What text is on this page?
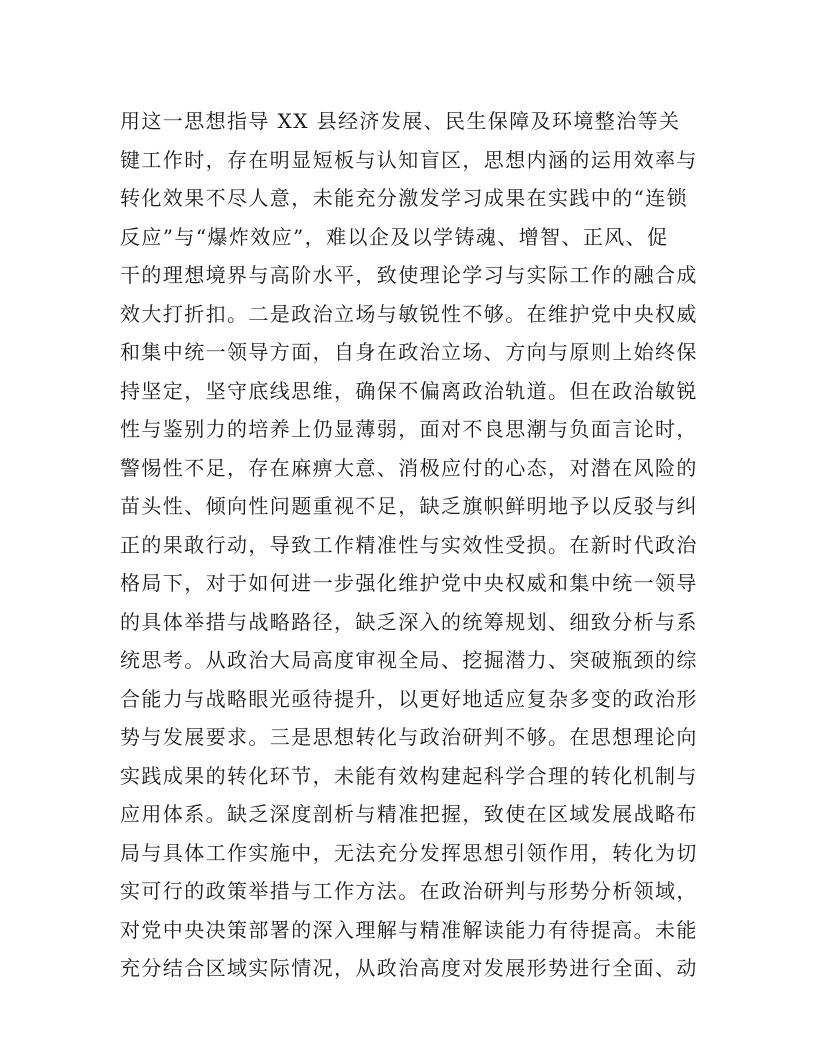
用这一思想指导 XX 县经济发展、民生保障及环境整治等关
键工作时，存在明显短板与认知盲区，思想内涵的运用效率与
转化效果不尽人意，未能充分激发学习成果在实践中的“连锁
反应”与“爆炸效应”，难以企及以学铸魂、增智、正风、促
干的理想境界与高阶水平，致使理论学习与实际工作的融合成
效大打折扣。二是政治立场与敏锐性不够。在维护党中央权威
和集中统一领导方面，自身在政治立场、方向与原则上始终保
持坚定，坚守底线思维，确保不偏离政治轨道。但在政治敏锐
性与鉴别力的培养上仍显薄弱，面对不良思潮与负面言论时，
警惕性不足，存在麻痹大意、消极应付的心态，对潜在风险的
苗头性、倾向性问题重视不足，缺乏旗帜鲜明地予以反驳与纠
正的果敢行动，导致工作精准性与实效性受损。在新时代政治
格局下，对于如何进一步强化维护党中央权威和集中统一领导
的具体举措与战略路径，缺乏深入的统筹规划、细致分析与系
统思考。从政治大局高度审视全局、挖掘潜力、突破瓶颈的综
合能力与战略眼光亟待提升，以更好地适应复杂多变的政治形
势与发展要求。三是思想转化与政治研判不够。在思想理论向
实践成果的转化环节，未能有效构建起科学合理的转化机制与
应用体系。缺乏深度剖析与精准把握，致使在区域发展战略布
局与具体工作实施中，无法充分发挥思想引领作用，转化为切
实可行的政策举措与工作方法。在政治研判与形势分析领域，
对党中央决策部署的深入理解与精准解读能力有待提高。未能
充分结合区域实际情况，从政治高度对发展形势进行全面、动
